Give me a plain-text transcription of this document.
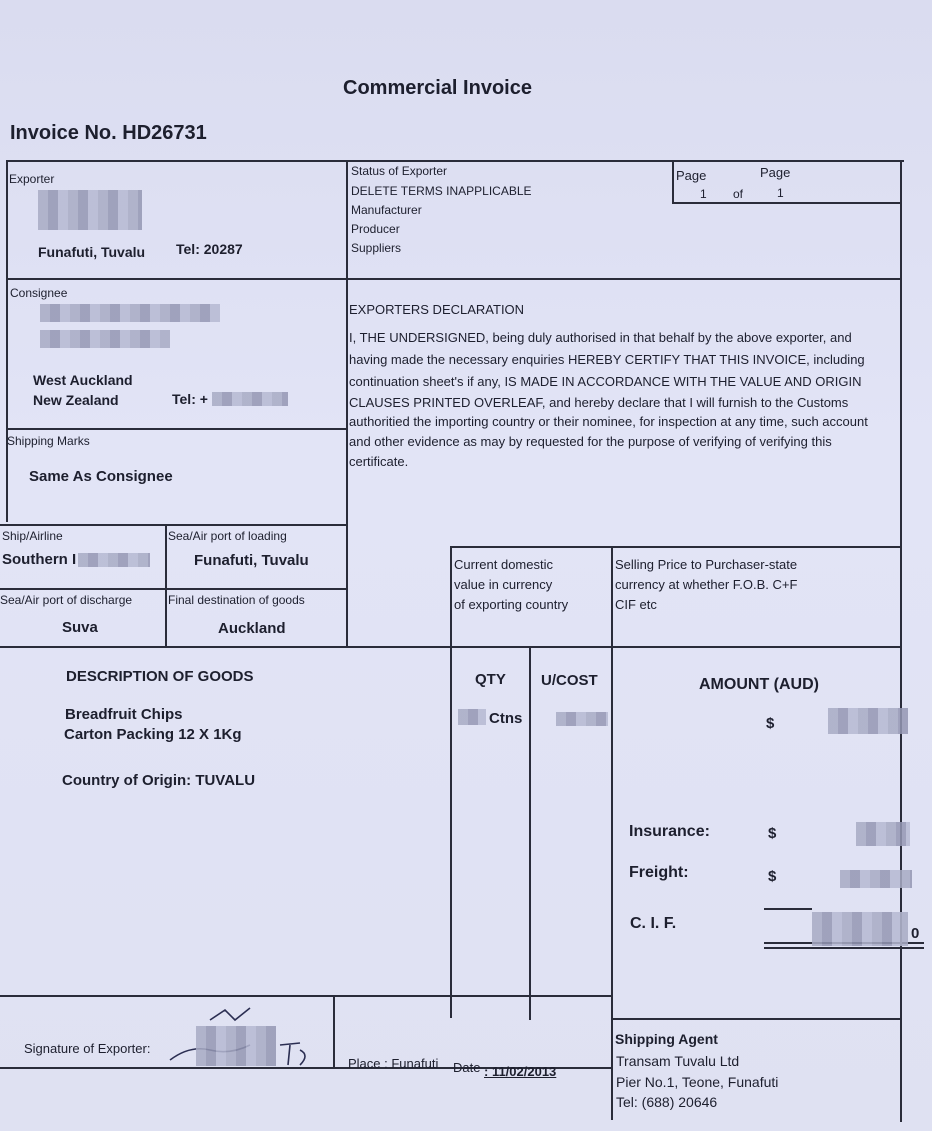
Commercial Invoice
Invoice No. HD26731
Exporter
Funafuti, Tuvalu Tel: 20287
Status of Exporter
DELETE TERMS INAPPLICABLE
Manufacturer
Producer
Suppliers
Page	Page
1 of	1
Consignee
West Auckland
New Zealand	Tel: +
EXPORTERS DECLARATION
I, THE UNDERSIGNED, being duly authorised in that behalf by the above exporter, and
having made the necessary enquiries HEREBY CERTIFY THAT THIS INVOICE, including
continuation sheet's if any, IS MADE IN ACCORDANCE WITH THE VALUE AND ORIGIN
CLAUSES PRINTED OVERLEAF, and hereby declare that I will furnish to the Customs
authoritied the importing country or their nominee, for inspection at any time, such account
and other evidence as may by requested for the purpose of verifying of verifying this
certificate.
Shipping Marks
Same As Consignee
Ship/Airline
Southern I
Sea/Air port of loading
Funafuti, Tuvalu
Sea/Air port of discharge
Suva
Final destination of goods
Auckland
Current domestic
value in currency
of exporting country
Selling Price to Purchaser-state
currency at whether F.O.B. C+F
CIF etc
DESCRIPTION OF GOODS	QTY U/COST	AMOUNT (AUD)
Breadfruit Chips
Carton Packing 12 X 1Kg
Country of Origin: TUVALU
Ctns	$
Insurance:	$
Freight:	$
C. I. F.
0
Signature of Exporter:
Place : Funafuti Date : 11/02/2013
Shipping Agent
Transam Tuvalu Ltd
Pier No.1, Teone, Funafuti
Tel: (688) 20646
